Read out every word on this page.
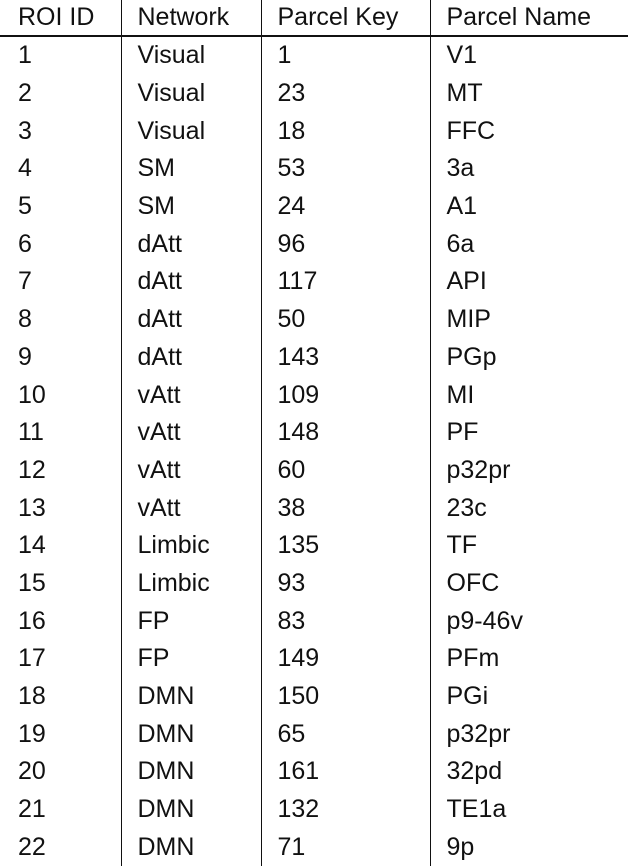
ROI ID	Network	Parcel Key	Parcel Name
1	Visual	1	V1
2	Visual	23	MT
3	Visual	18	FFC
4	SM	53	3a
5	SM	24	A1
6	dAtt	96	6a
7	dAtt	117	API
8	dAtt	50	MIP
9	dAtt	143	PGp
10	vAtt	109	MI
11	vAtt	148	PF
12	vAtt	60	p32pr
13	vAtt	38	23c
14	Limbic	135	TF
15	Limbic	93	OFC
16	FP	83	p9-46v
17	FP	149	PFm
18	DMN	150	PGi
19	DMN	65	p32pr
20	DMN	161	32pd
21	DMN	132	TE1a
22	DMN	71	9p
